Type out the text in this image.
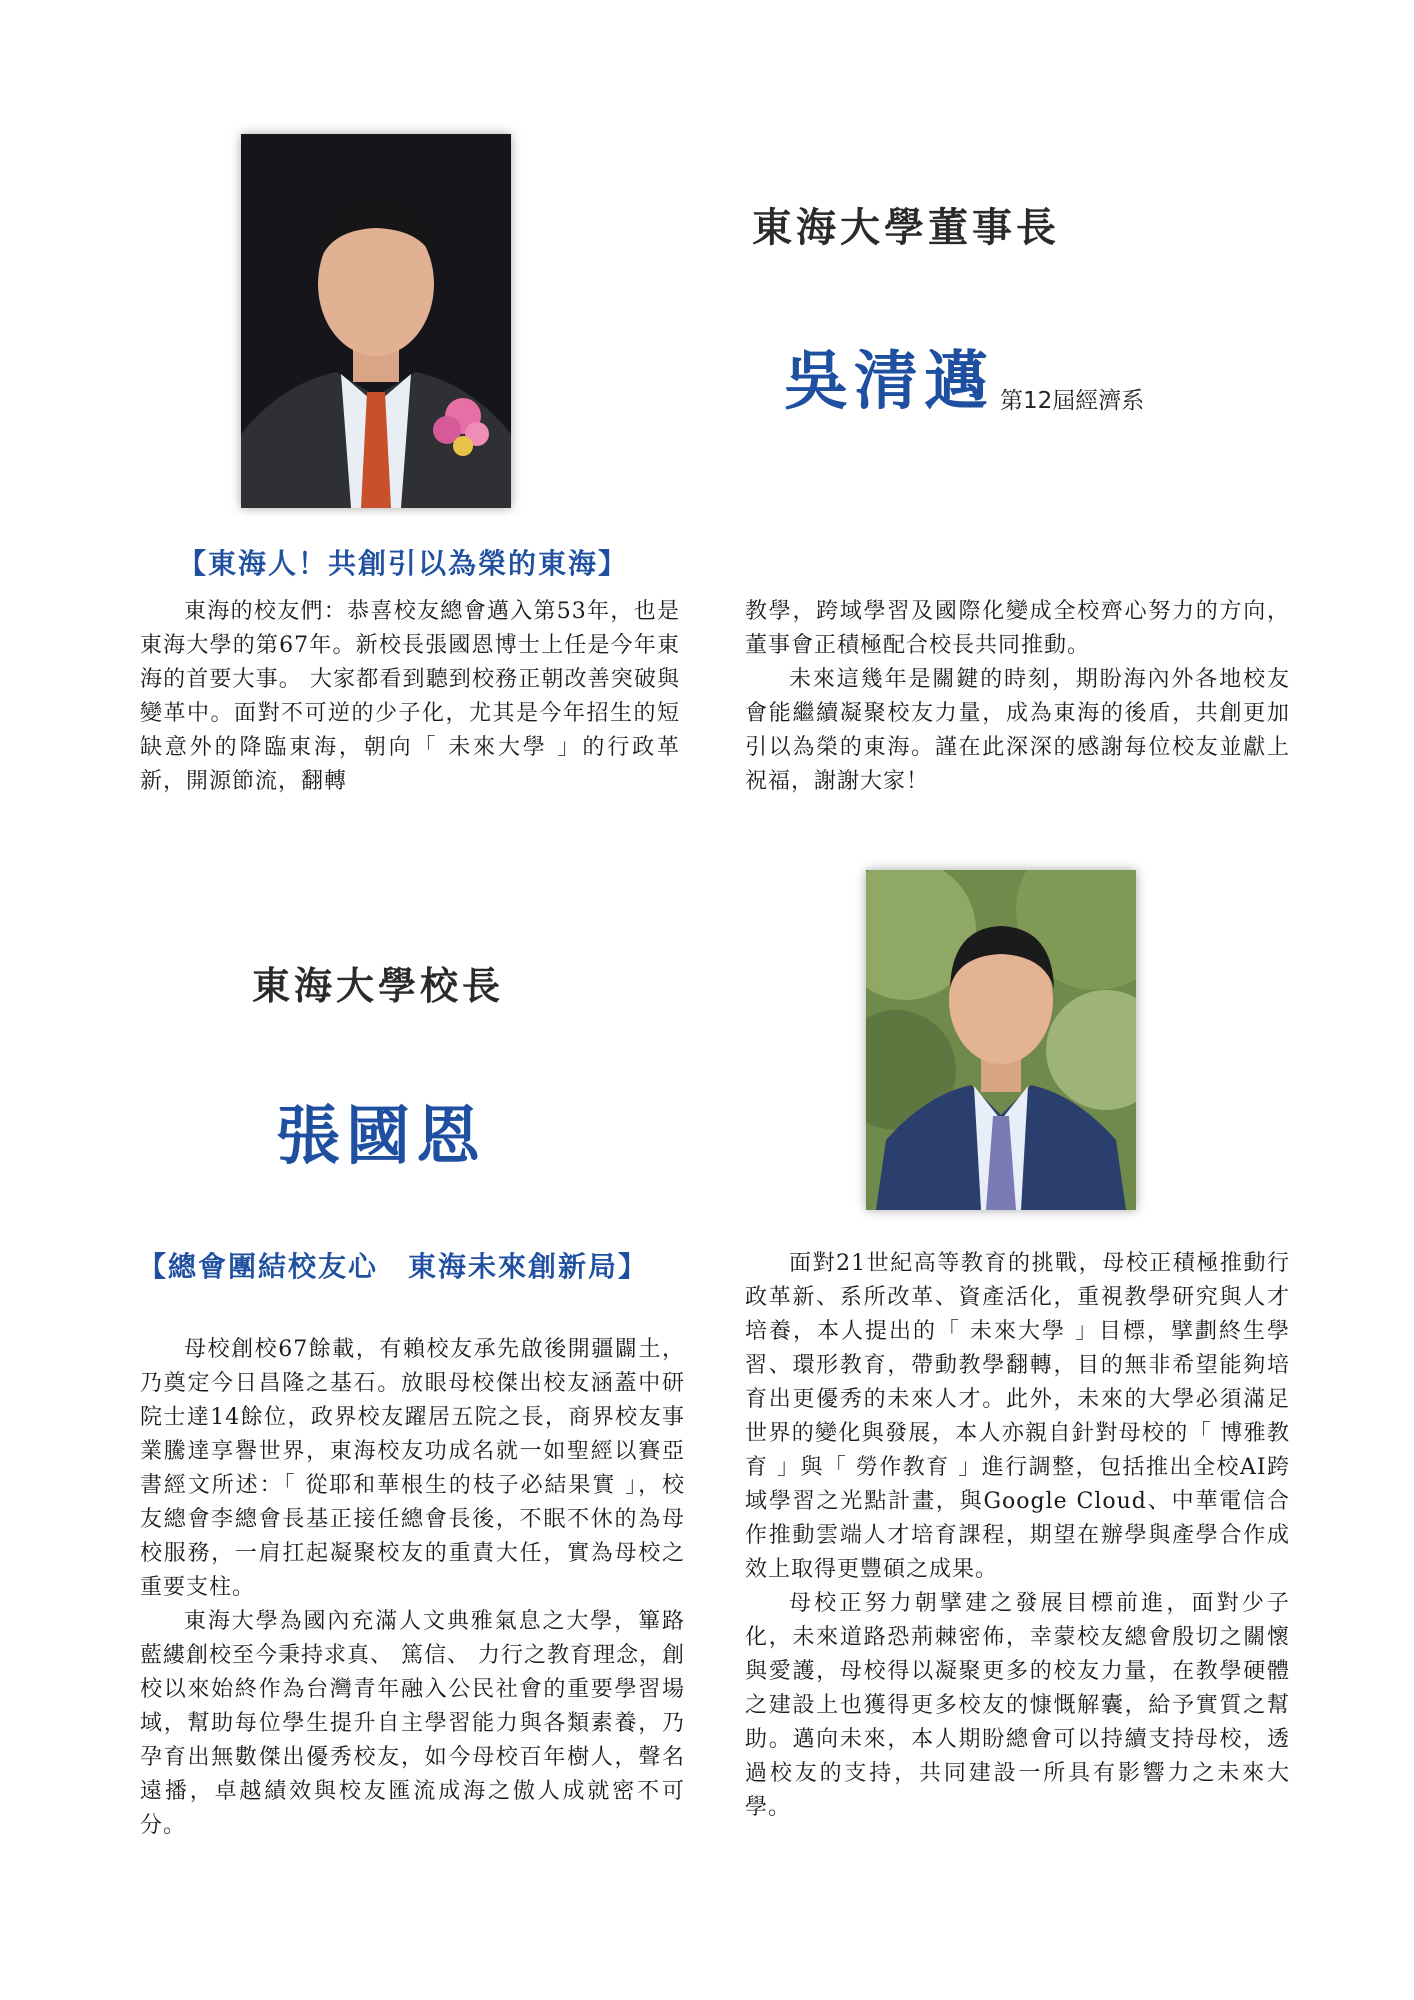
東海大學董事長
吳清邁 第12屆經濟系
【東海人！共創引以為榮的東海】

東海的校友們：恭喜校友總會邁入第53年，也是東海大學的第67年。新校長張國恩博士上任是今年東海的首要大事。 大家都看到聽到校務正朝改善突破與變革中。面對不可逆的少子化，尤其是今年招生的短缺意外的降臨東海，朝向「 未來大學 」的行政革新，開源節流，翻轉

教學，跨域學習及國際化變成全校齊心努力的方向，董事會正積極配合校長共同推動。

未來這幾年是關鍵的時刻，期盼海內外各地校友會能繼續凝聚校友力量，成為東海的後盾，共創更加引以為榮的東海。謹在此深深的感謝每位校友並獻上祝福，謝謝大家！

東海大學校長
張國恩
【總會團結校友心　東海未來創新局】

母校創校67餘載，有賴校友承先啟後開疆闢土，乃奠定今日昌隆之基石。放眼母校傑出校友涵蓋中研院士達14餘位，政界校友躍居五院之長，商界校友事業騰達享譽世界，東海校友功成名就一如聖經以賽亞書經文所述：「 從耶和華根生的枝子必結果實 」，校友總會李總會長基正接任總會長後，不眠不休的為母校服務，一肩扛起凝聚校友的重責大任，實為母校之重要支柱。

東海大學為國內充滿人文典雅氣息之大學，篳路藍縷創校至今秉持求真、 篤信、 力行之教育理念，創校以來始終作為台灣青年融入公民社會的重要學習場域，幫助每位學生提升自主學習能力與各類素養，乃孕育出無數傑出優秀校友，如今母校百年樹人，聲名遠播，卓越績效與校友匯流成海之傲人成就密不可分。

面對21世紀高等教育的挑戰，母校正積極推動行政革新、系所改革、資產活化，重視教學研究與人才培養，本人提出的「 未來大學 」目標，擘劃終生學習、環形教育，帶動教學翻轉，目的無非希望能夠培育出更優秀的未來人才。此外，未來的大學必須滿足世界的變化與發展，本人亦親自針對母校的「 博雅教育 」與「 勞作教育 」進行調整，包括推出全校AI跨域學習之光點計畫，與Google Cloud、中華電信合作推動雲端人才培育課程，期望在辦學與產學合作成效上取得更豐碩之成果。

母校正努力朝擘建之發展目標前進，面對少子化，未來道路恐荊棘密佈，幸蒙校友總會殷切之關懷與愛護，母校得以凝聚更多的校友力量，在教學硬體之建設上也獲得更多校友的慷慨解囊，給予實質之幫助。邁向未來，本人期盼總會可以持續支持母校，透過校友的支持，共同建設一所具有影響力之未來大學。
